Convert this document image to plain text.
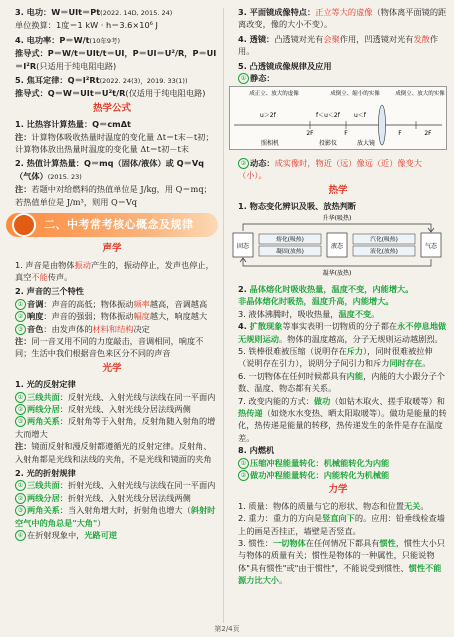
3. 电功：W＝UIt＝Pt(2022. 14D, 2015. 24)
单位换算：1度＝1 kW · h＝3.6×10⁶ J
4. 电功率：P＝W/t(10年9考)
推导式：P＝W/t＝UIt/t＝UI，P＝UI＝U²/R，P＝UI＝I²R(只适用于纯电阻电路)
5. 焦耳定律：Q＝I²Rt(2022. 24(3)，2019. 33(1))
推导式：Q＝W＝UIt＝U²t/R(仅适用于纯电阻电路)
热学公式
1. 比热容计算热量：Q＝cmΔt
注：计算物体吸收热量时温度的变化量 Δt＝t末－t初；计算物体放出热量时温度的变化量 Δt＝t初－t末
2. 热值计算热量：Q＝mq（固体/液体）或 Q＝Vq（气体）(2015. 23)
注：若题中对给燃料的热值单位是 J/kg，用 Q＝mq；若热值单位是 J/m³，则用 Q＝Vq
二、中考常考核心概念及规律
声学
1. 声音是由物体振动产生的，振动停止，发声也停止，真空不能传声。
2. 声音的三个特性
① 音调：声音的高低；物体振动频率越高，音调越高
② 响度：声音的强弱；物体振动幅度越大，响度越大
③ 音色：由发声体的材料和结构决定
注：同一音叉用不同的力度敲击，音调相同，响度不同；生活中我们根据音色来区分不同的声音
光学
1. 光的反射定律
① 三线共面：反射光线、入射光线与法线在同一平面内
② 两线分居：反射光线、入射光线分居法线两侧
③ 两角关系：反射角等于入射角，反射角随入射角的增大而增大
注：镜面反射和漫反射都遵循光的反射定律。反射角、入射角都是光线和法线的夹角，不是光线和镜面的夹角
2. 光的折射规律
① 三线共面：折射光线、入射光线与法线在同一平面内
② 两线分居：折射光线、入射光线分居法线两侧
③ 两角关系：当入射角增大时，折射角也增大（斜射时空气中的角总是"大角"）
④ 在折射现象中，光路可逆
3. 平面镜成像特点：正立等大的虚像（物体离平面镜的距离改变，像的大小不变）。
4. 透镜：凸透镜对光有会聚作用，凹透镜对光有发散作用。
5. 凸透镜成像规律及应用
① 静态：
成正立、放大的虚像	成倒立、缩小的实像	成倒立、放大的实像
u＞2f	f＜u＜2f u＜f
2F	F	F	2F
照相机	投影仪	放大镜
② 动态：成实像时，物近（远）像远（近）像变大（小）。
热学
1. 物态变化辨识及吸、放热判断
升华(吸热)
固态	液态	气态
熔化(吸热)
凝固(放热)
汽化(吸热)
液化(放热)
凝华(放热)
2. 晶体熔化时吸收热量，温度不变，内能增大。
非晶体熔化时吸热，温度升高，内能增大。
3. 液体沸腾时，吸收热量，温度不变。
4. 扩散现象等事实表明一切物质的分子都在永不停息地做无规则运动。物体的温度越高，分子无规则运动越剧烈。
5. 铁棒很难被压缩（说明存在斥力），同时很难被拉伸（说明存在引力），说明分子间引力和斥力同时存在。
6. 一切物体在任何时候都具有内能，内能的大小跟分子个数、温度、物态都有关系。
7. 改变内能的方式：做功（如钻木取火、搓手取暖等）和热传递（如烧水水变热、晒太阳取暖等）。做功是能量的转化，热传递是能量的转移，热传递发生的条件是存在温度差。
8. 内燃机
① 压缩冲程能量转化：机械能转化为内能
② 做功冲程能量转化：内能转化为机械能
力学
1. 质量：物体的质量与它的形状、物态和位置无关。
2. 重力：重力的方向是竖直向下的。应用：铅垂线检查墙上的画是否挂正，墙壁是否竖直。
3. 惯性：一切物体在任何情况下都具有惯性，惯性大小只与物体的质量有关；惯性是物体的一种属性，只能说物体"具有惯性"或"由于惯性"，不能说受到惯性、惯性不能源力比大小。
第2/4页
